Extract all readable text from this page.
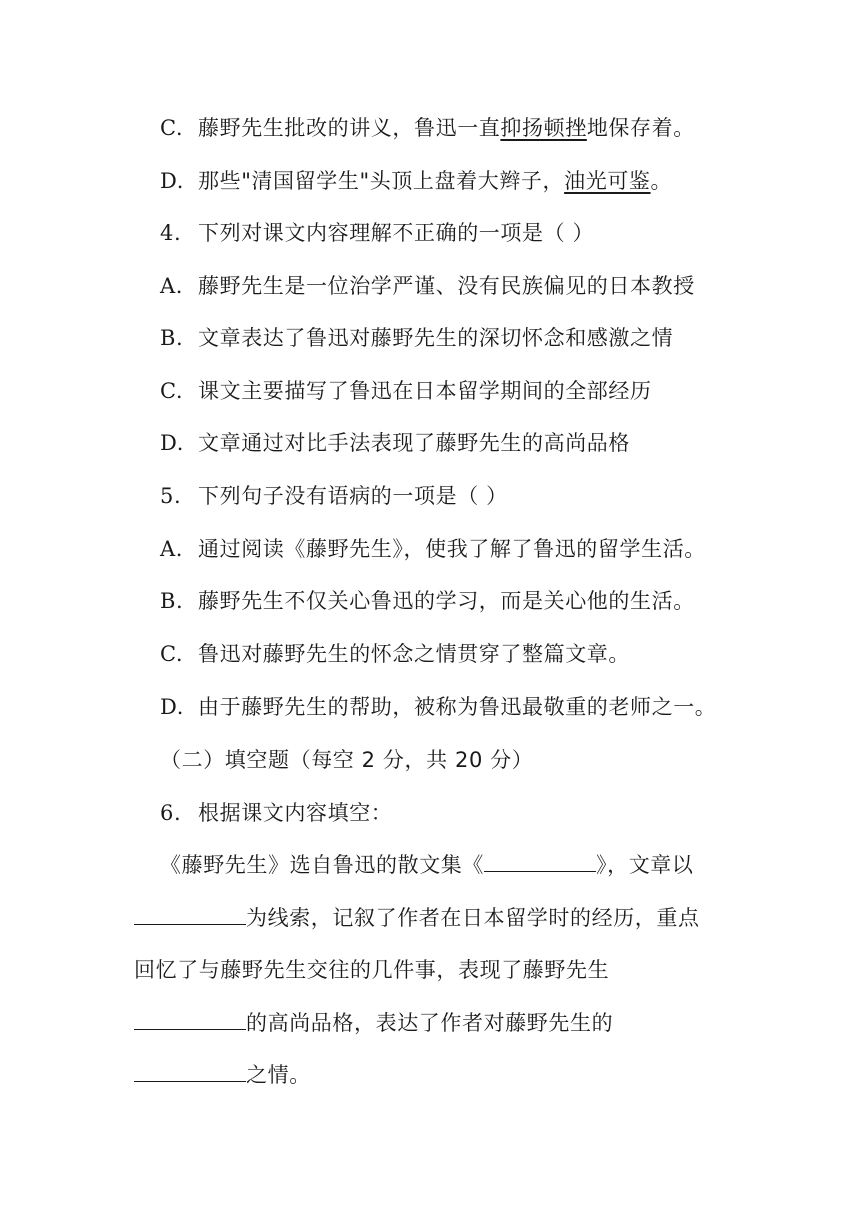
C. 藤野先生批改的讲义，鲁迅一直抑扬顿挫地保存着。
D. 那些"清国留学生"头顶上盘着大辫子，油光可鉴。
4. 下列对课文内容理解不正确的一项是（ ）
A. 藤野先生是一位治学严谨、没有民族偏见的日本教授
B. 文章表达了鲁迅对藤野先生的深切怀念和感激之情
C. 课文主要描写了鲁迅在日本留学期间的全部经历
D. 文章通过对比手法表现了藤野先生的高尚品格
5. 下列句子没有语病的一项是（ ）
A. 通过阅读《藤野先生》，使我了解了鲁迅的留学生活。
B. 藤野先生不仅关心鲁迅的学习，而是关心他的生活。
C. 鲁迅对藤野先生的怀念之情贯穿了整篇文章。
D. 由于藤野先生的帮助，被称为鲁迅最敬重的老师之一。
（二）填空题（每空 2 分，共 20 分）
6. 根据课文内容填空：
《藤野先生》选自鲁迅的散文集《	》，文章以
为线索，记叙了作者在日本留学时的经历，重点
回忆了与藤野先生交往的几件事，表现了藤野先生
的高尚品格，表达了作者对藤野先生的
之情。
